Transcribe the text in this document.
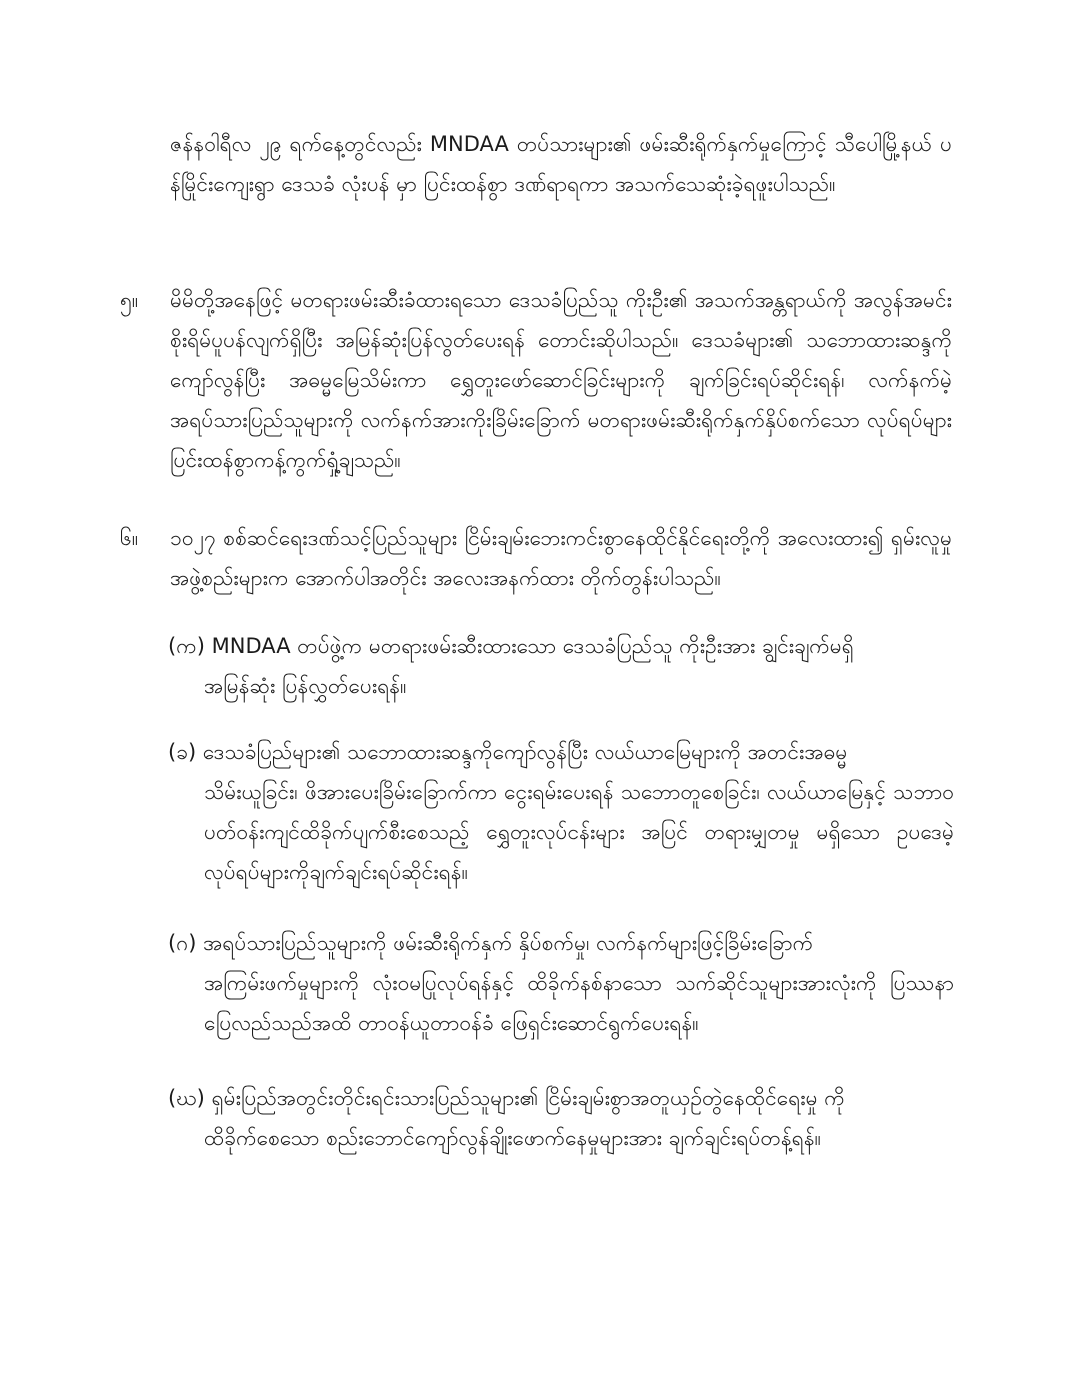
ဇန်နဝါရီလ ၂၉ ရက်နေ့တွင်လည်း MNDAA တပ်သားများ၏ ဖမ်းဆီးရိုက်နှက်မှုကြောင့် သီပေါမြို့နယ် ပန်မြိုင်းကျေးရွာ ဒေသခံ လုံးပန် မှာ ပြင်းထန်စွာ ဒဏ်ရာရကာ အသက်သေဆုံးခဲ့ရဖူးပါသည်။
၅။	မိမိတို့အနေဖြင့် မတရားဖမ်းဆီးခံထားရသော ဒေသခံပြည်သူ ကိုးဦး၏ အသက်အန္တရာယ်ကို အလွန်အမင်းစိုးရိမ်ပူပန်လျက်ရှိပြီး အမြန်ဆုံးပြန်လွတ်ပေးရန် တောင်းဆိုပါသည်။ ဒေသခံများ၏ သဘောထားဆန္ဒကိုကျော်လွန်ပြီး အဓမ္မမြေသိမ်းကာ ရွှေတူးဖော်ဆောင်ခြင်းများကို ချက်ခြင်းရပ်ဆိုင်းရန်၊ လက်နက်မဲ့ အရပ်သားပြည်သူများကို လက်နက်အားကိုးခြိမ်းခြောက် မတရားဖမ်းဆီးရိုက်နှက်နှိပ်စက်သော လုပ်ရပ်များပြင်းထန်စွာကန့်ကွက်ရှုံ့ချသည်။
၆။	၁၀၂၇ စစ်ဆင်ရေးဒဏ်သင့်ပြည်သူများ ငြိမ်းချမ်းဘေးကင်းစွာနေထိုင်နိုင်ရေးတို့ကို အလေးထား၍ ရှမ်းလူမှုအဖွဲ့စည်းများက အောက်ပါအတိုင်း အလေးအနက်ထား တိုက်တွန်းပါသည်။
(က) MNDAA တပ်ဖွဲ့က မတရားဖမ်းဆီးထားသော ဒေသခံပြည်သူ ကိုးဦးအား ချွင်းချက်မရှိ
အမြန်ဆုံး ပြန်လွှတ်ပေးရန်။
(ခ) ဒေသခံပြည်များ၏ သဘောထားဆန္ဒကိုကျော်လွန်ပြီး လယ်ယာမြေများကို အတင်းအဓမ္မ
သိမ်းယူခြင်း၊ ဖိအားပေးခြိမ်းခြောက်ကာ ငွေးရမ်းပေးရန် သဘောတူစေခြင်း၊ လယ်ယာမြေနှင့် သဘာဝပတ်ဝန်းကျင်ထိခိုက်ပျက်စီးစေသည့် ရွှေတူးလုပ်ငန်းများ အပြင် တရားမျှတမှု မရှိသော ဥပဒေမဲ့လုပ်ရပ်များကိုချက်ချင်းရပ်ဆိုင်းရန်။
(ဂ) အရပ်သားပြည်သူများကို ဖမ်းဆီးရိုက်နှက် နှိပ်စက်မှု၊ လက်နက်များဖြင့်ခြိမ်းခြောက်
အကြမ်းဖက်မှုများကို လုံးဝမပြုလုပ်ရန်နှင့် ထိခိုက်နစ်နာသော သက်ဆိုင်သူများအားလုံးကို ပြဿနာ ပြေလည်သည်အထိ တာဝန်ယူတာဝန်ခံ ဖြေရှင်းဆောင်ရွက်ပေးရန်။
(ဃ) ရှမ်းပြည်အတွင်းတိုင်းရင်းသားပြည်သူများ၏ ငြိမ်းချမ်းစွာအတူယှဉ်တွဲနေထိုင်ရေးမှု ကို
ထိခိုက်စေသော စည်းဘောင်ကျော်လွန်ချိုးဖောက်နေမှုများအား ချက်ချင်းရပ်တန့်ရန်။
